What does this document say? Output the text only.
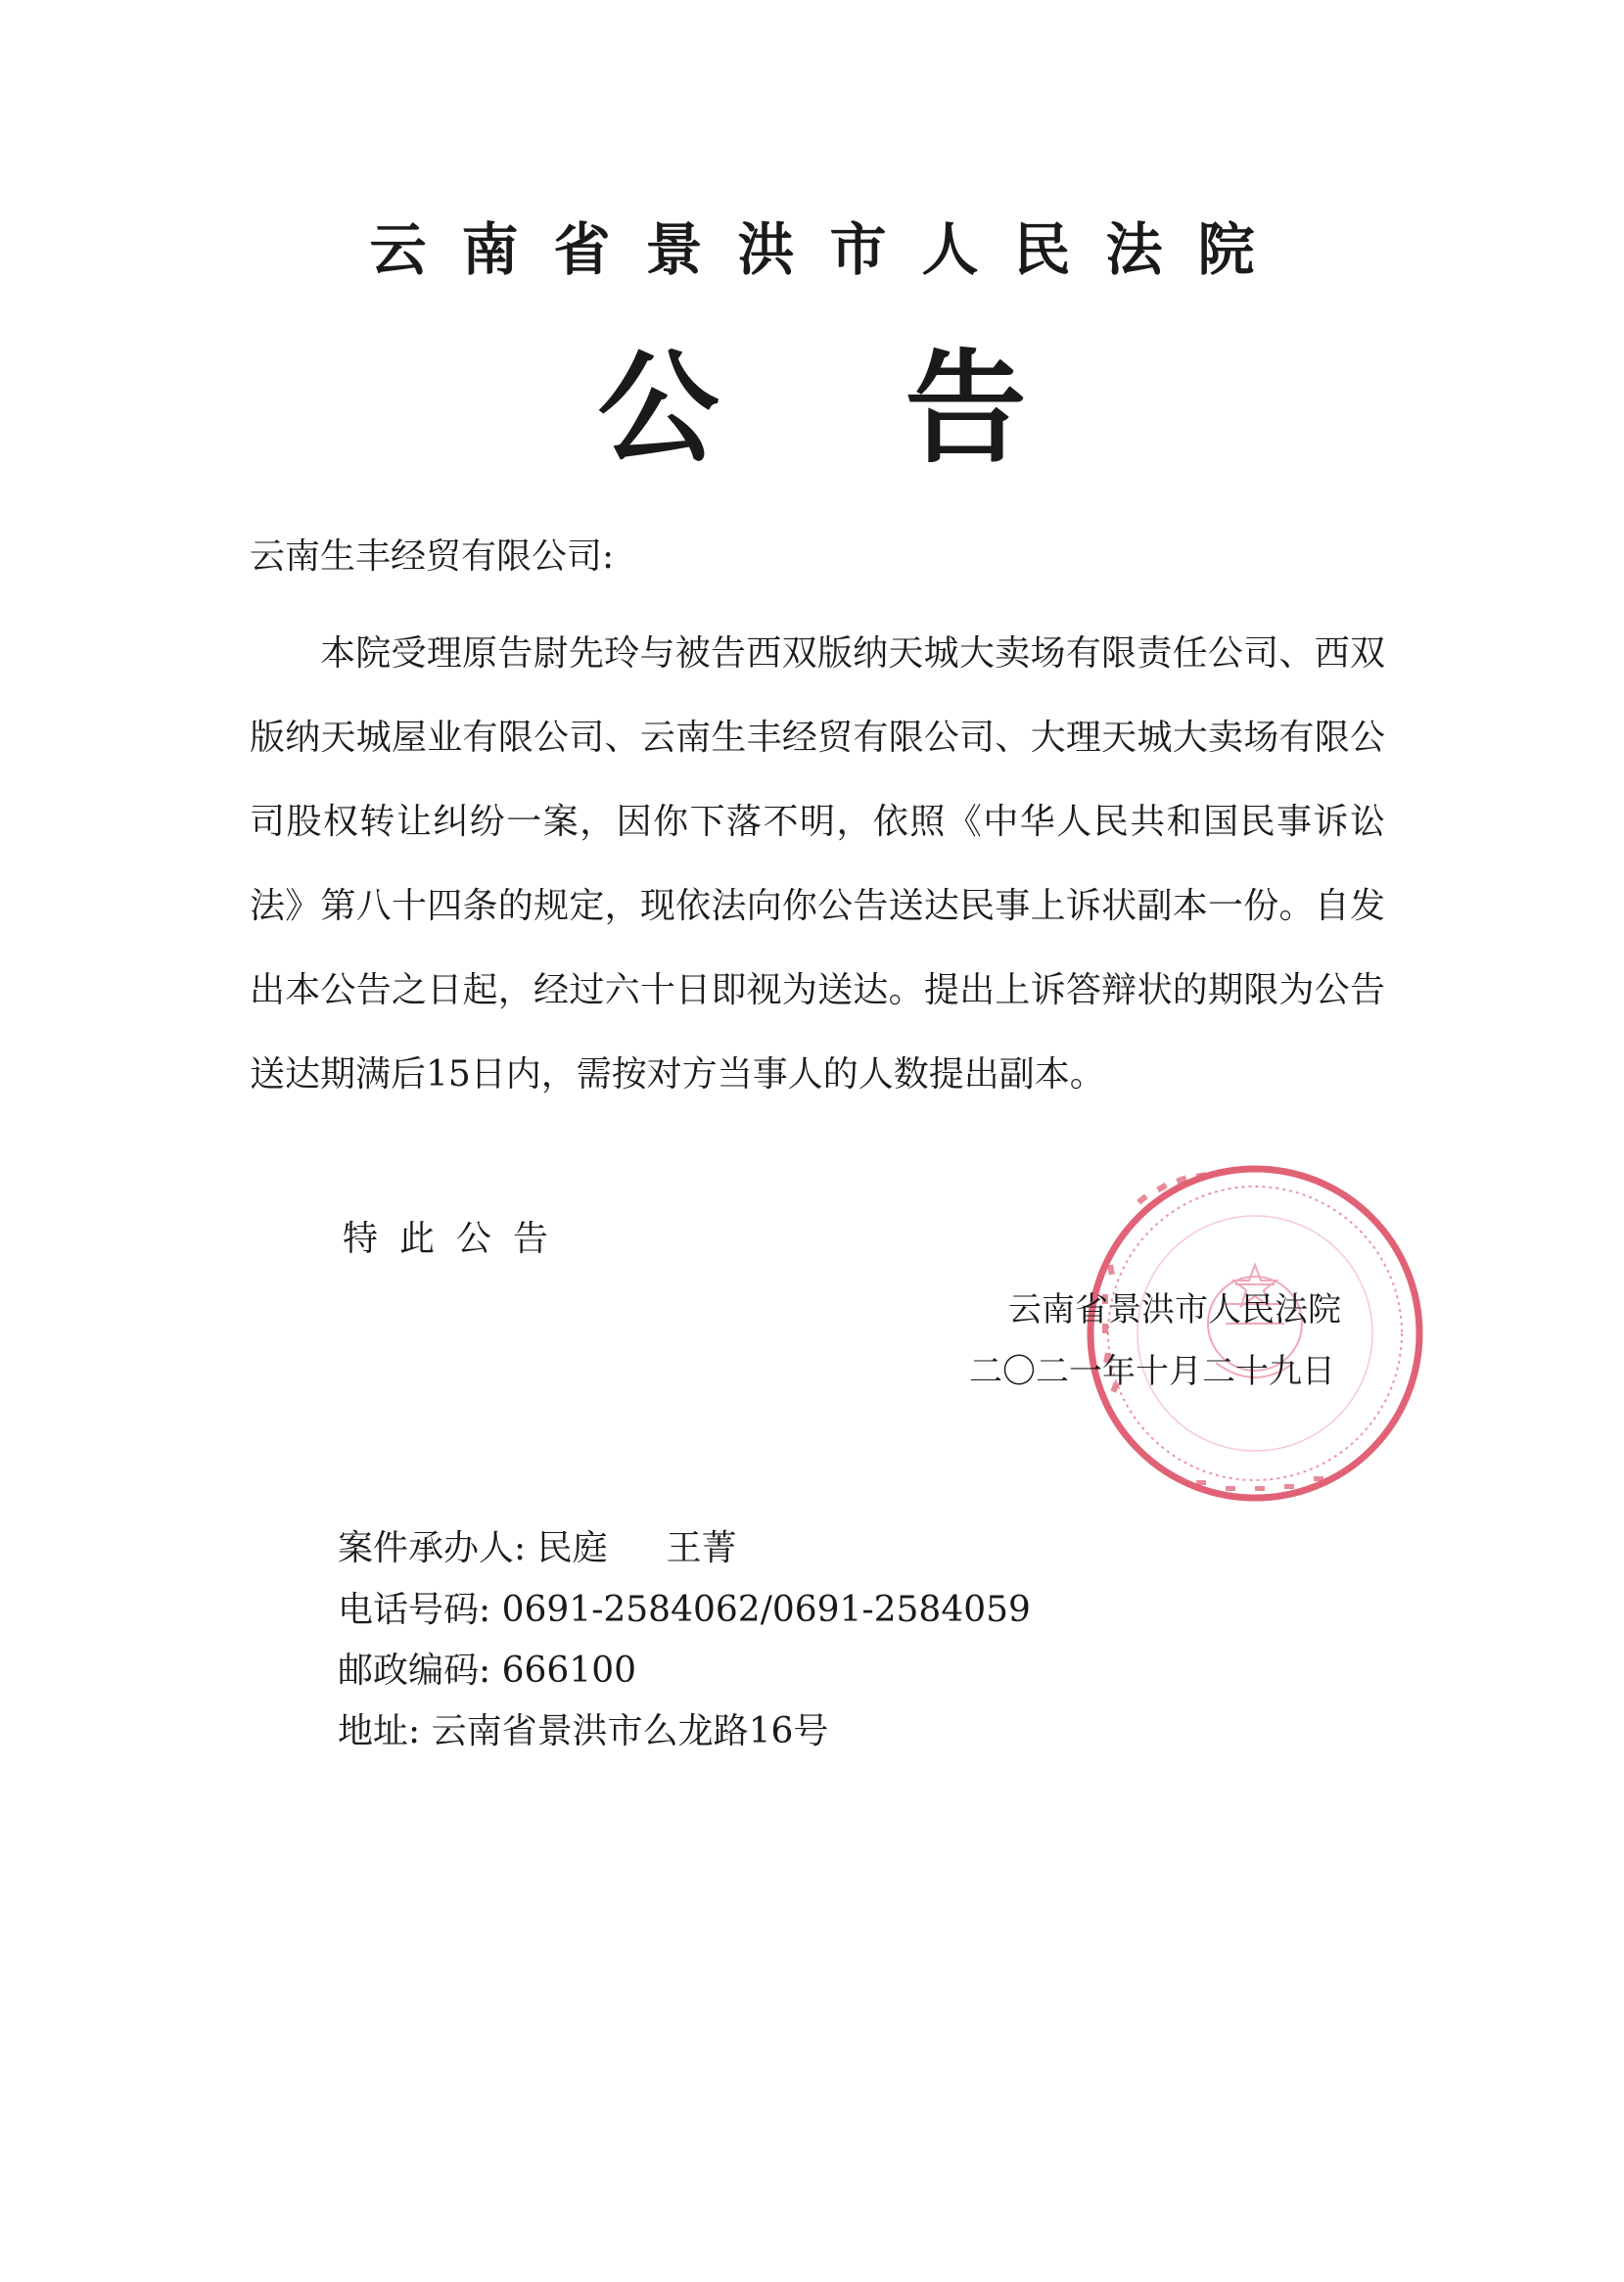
云南省景洪市人民法院
公告
云南生丰经贸有限公司:

本院受理原告尉先玲与被告西双版纳天城大卖场有限责任公司、西双版纳天城屋业有限公司、云南生丰经贸有限公司、大理天城大卖场有限公司股权转让纠纷一案，因你下落不明，依照《中华人民共和国民事诉讼法》第八十四条的规定，现依法向你公告送达民事上诉状副本一份。自发出本公告之日起，经过六十日即视为送达。提出上诉答辩状的期限为公告送达期满后15日内，需按对方当事人的人数提出副本。

特此公告
云南省景洪市人民法院
二〇二一年十月二十九日
案件承办人: 民庭 王菁
电话号码: 0691-2584062/0691-2584059
邮政编码: 666100
地址: 云南省景洪市么龙路16号
